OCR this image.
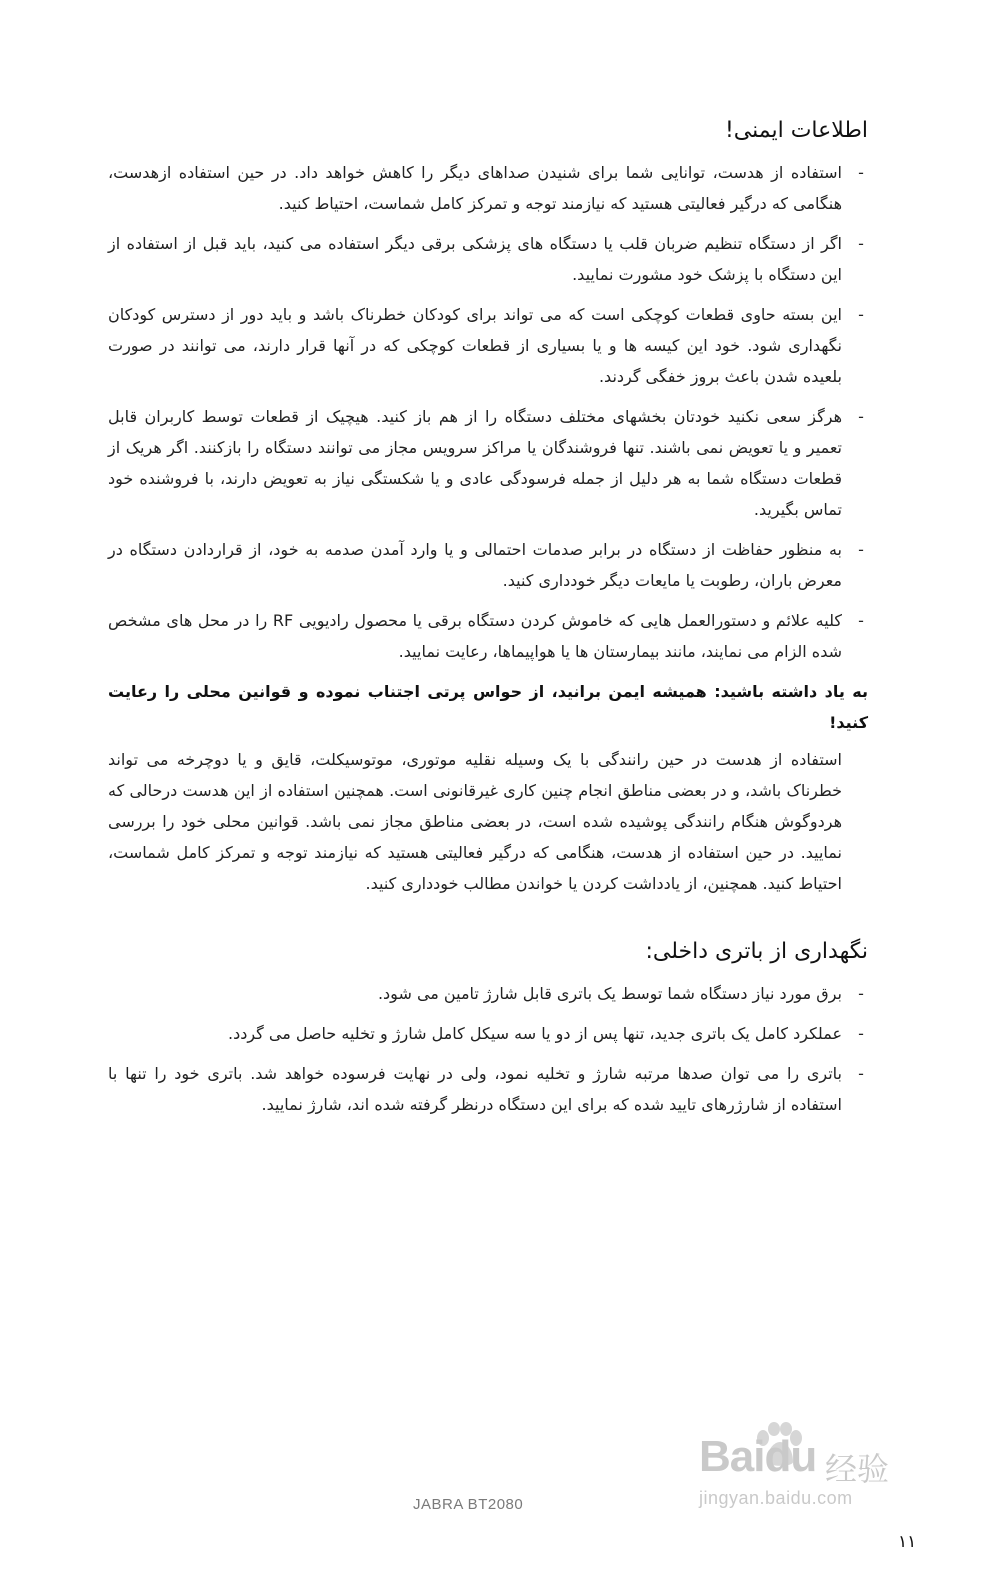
اطلاعات ایمنی!
-
استفاده از هدست، توانایی شما برای شنیدن صداهای دیگر را کاهش خواهد داد. در حین استفاده ازهدست، هنگامی که درگیر فعالیتی هستید که نیازمند توجه و تمرکز کامل شماست، احتیاط کنید.
-
اگر از دستگاه تنظیم ضربان قلب یا دستگاه های پزشکی برقی دیگر استفاده می کنید، باید قبل از استفاده از این دستگاه با پزشک خود مشورت نمایید.
-
این بسته حاوی قطعات کوچکی است که می تواند برای کودکان خطرناک باشد و باید دور از دسترس کودکان نگهداری شود. خود این کیسه ها و یا بسیاری از قطعات کوچکی که در آنها قرار دارند، می توانند در صورت بلعیده شدن باعث بروز خفگی گردند.
-
هرگز سعی نکنید خودتان بخشهای مختلف دستگاه را از هم باز کنید. هیچیک از قطعات توسط کاربران قابل تعمیر و یا تعویض نمی باشند. تنها فروشندگان یا مراکز سرویس مجاز می توانند دستگاه را بازکنند. اگر هریک از قطعات دستگاه شما به هر دلیل از جمله فرسودگی عادی و یا شکستگی نیاز به تعویض دارند، با فروشنده خود تماس بگیرید.
-
به منظور حفاظت از دستگاه در برابر صدمات احتمالی و یا وارد آمدن صدمه به خود، از قراردادن دستگاه در معرض باران، رطوبت یا مایعات دیگر خودداری کنید.
-
کلیه علائم و دستورالعمل هایی که خاموش کردن دستگاه برقی یا محصول رادیویی RF را در محل های مشخص شده الزام می نمایند، مانند بیمارستان ها یا هواپیماها، رعایت نمایید.

به یاد داشته باشید: همیشه ایمن برانید، از حواس پرتی اجتناب نموده و قوانین محلی را رعایت کنید!

استفاده از هدست در حین رانندگی با یک وسیله نقلیه موتوری، موتوسیکلت، قایق و یا دوچرخه می تواند خطرناک باشد، و در بعضی مناطق انجام چنین کاری غیرقانونی است. همچنین استفاده از این هدست درحالی که هردوگوش هنگام رانندگی پوشیده شده است، در بعضی مناطق مجاز نمی باشد. قوانین محلی خود را بررسی نمایید. در حین استفاده از هدست، هنگامی که درگیر فعالیتی هستید که نیازمند توجه و تمرکز کامل شماست، احتیاط کنید. همچنین، از یادداشت کردن یا خواندن مطالب خودداری کنید.

نگهداری از باتری داخلی:
-
برق مورد نیاز دستگاه شما توسط یک باتری قابل شارژ تامین می شود.
-
عملکرد کامل یک باتری جدید، تنها پس از دو یا سه سیکل کامل شارژ و تخلیه حاصل می گردد.
-
باتری را می توان صدها مرتبه شارژ و تخلیه نمود، ولی در نهایت فرسوده خواهد شد. باتری خود را تنها با استفاده از شارژرهای تایید شده که برای این دستگاه درنظر گرفته شده اند، شارژ نمایید.
Baidu 经验
jingyan.baidu.com
JABRA BT2080
۱۱
